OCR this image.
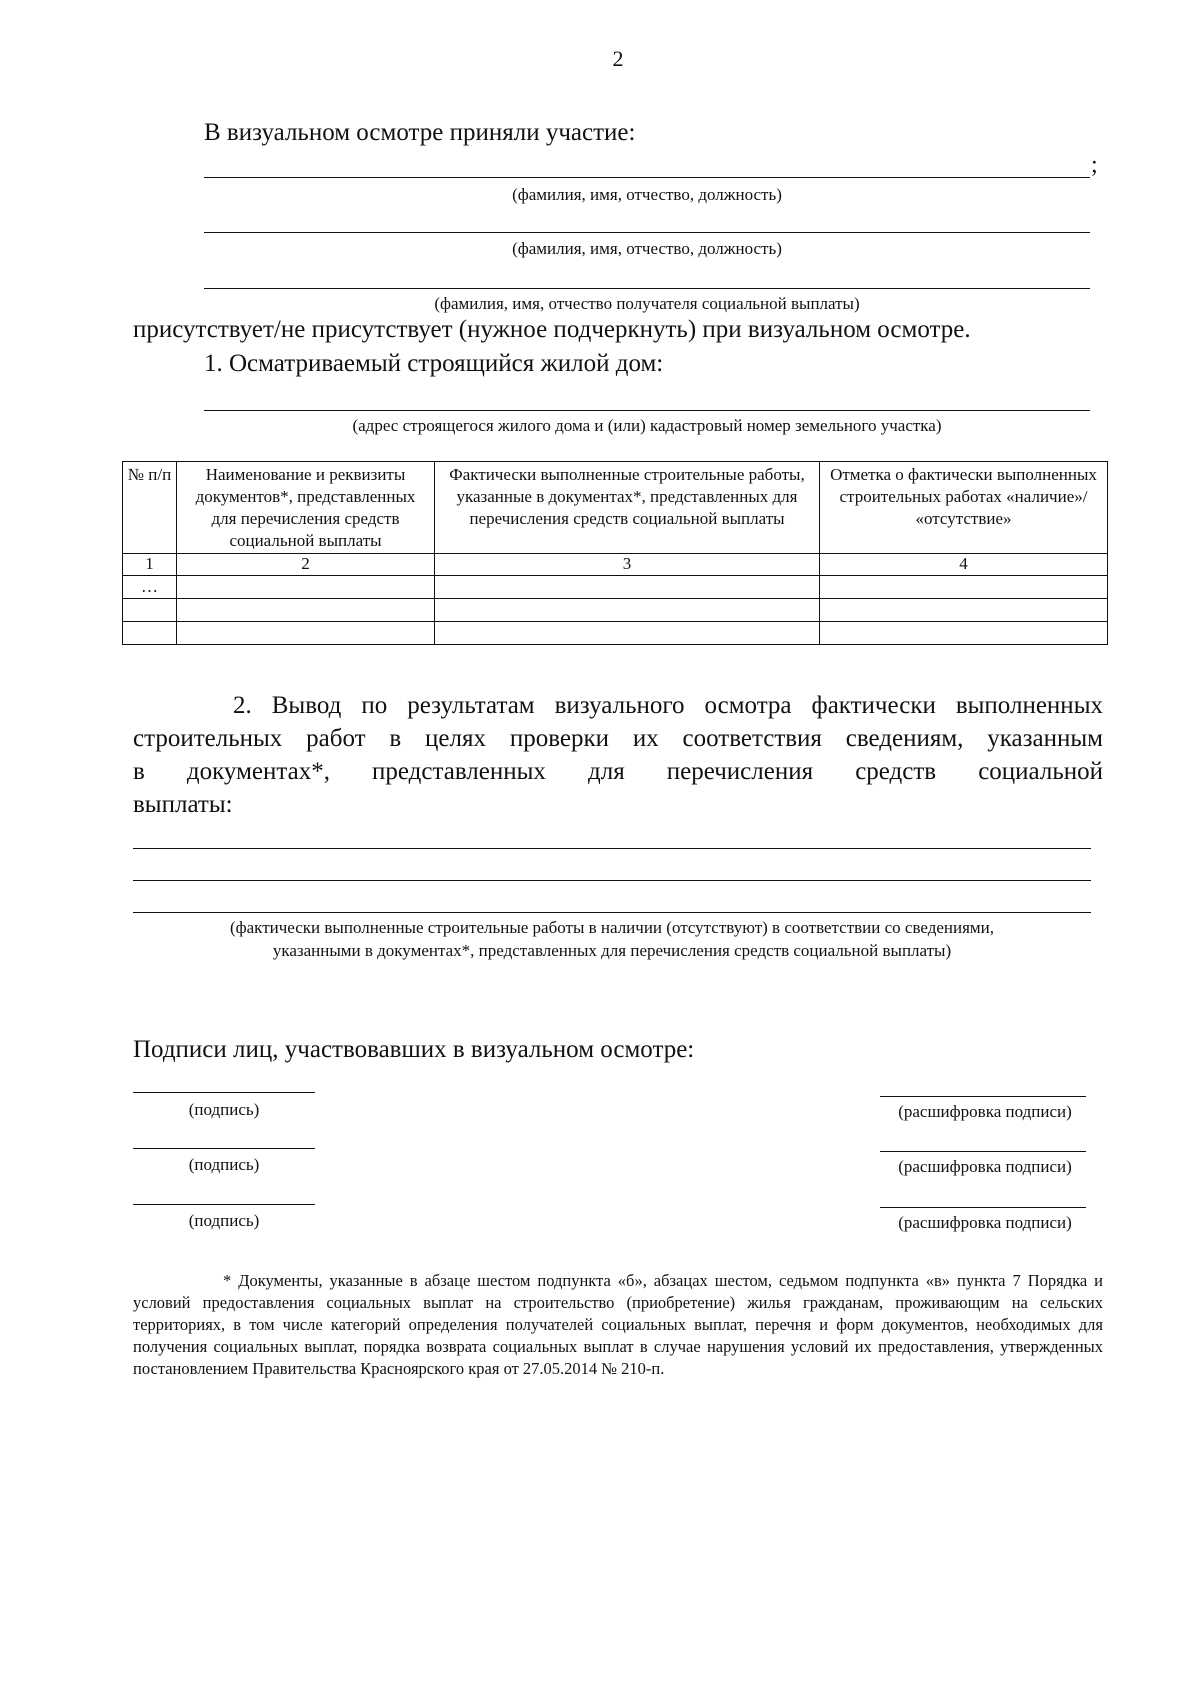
2
В визуальном осмотре приняли участие:
;
(фамилия, имя, отчество, должность)
(фамилия, имя, отчество, должность)
(фамилия, имя, отчество получателя социальной выплаты)
присутствует/не присутствует (нужное подчеркнуть) при визуальном осмотре.
1. Осматриваемый строящийся жилой дом:
(адрес строящегося жилого дома и (или) кадастровый номер земельного участка)
№ п/п	Наименование и реквизиты документов*, представленных для перечисления средств социальной выплаты	Фактически выполненные строительные работы, указанные в документах*, представленных для перечисления средств социальной выплаты	Отметка о фактически выполненных строительных работах «наличие»/ «отсутствие»
1	2	3	4
…			

2. Вывод по результатам визуального осмотра фактически выполненных
строительных работ в целях проверки их соответствия сведениям, указанным
в документах*, представленных для перечисления средств социальной
выплаты:
(фактически выполненные строительные работы в наличии (отсутствуют) в соответствии со сведениями,
указанными в документах*, представленных для перечисления средств социальной выплаты)
Подписи лиц, участвовавших в визуальном осмотре:
(подпись)	(расшифровка подписи)
(подпись)	(расшифровка подписи)
(подпись)	(расшифровка подписи)
* Документы, указанные в абзаце шестом подпункта «б», абзацах шестом, седьмом подпункта «в» пункта 7 Порядка и условий предоставления социальных выплат на строительство (приобретение) жилья гражданам, проживающим на сельских территориях, в том числе категорий определения получателей социальных выплат, перечня и форм документов, необходимых для получения социальных выплат, порядка возврата социальных выплат в случае нарушения условий их предоставления, утвержденных постановлением Правительства Красноярского края от 27.05.2014 № 210-п.
